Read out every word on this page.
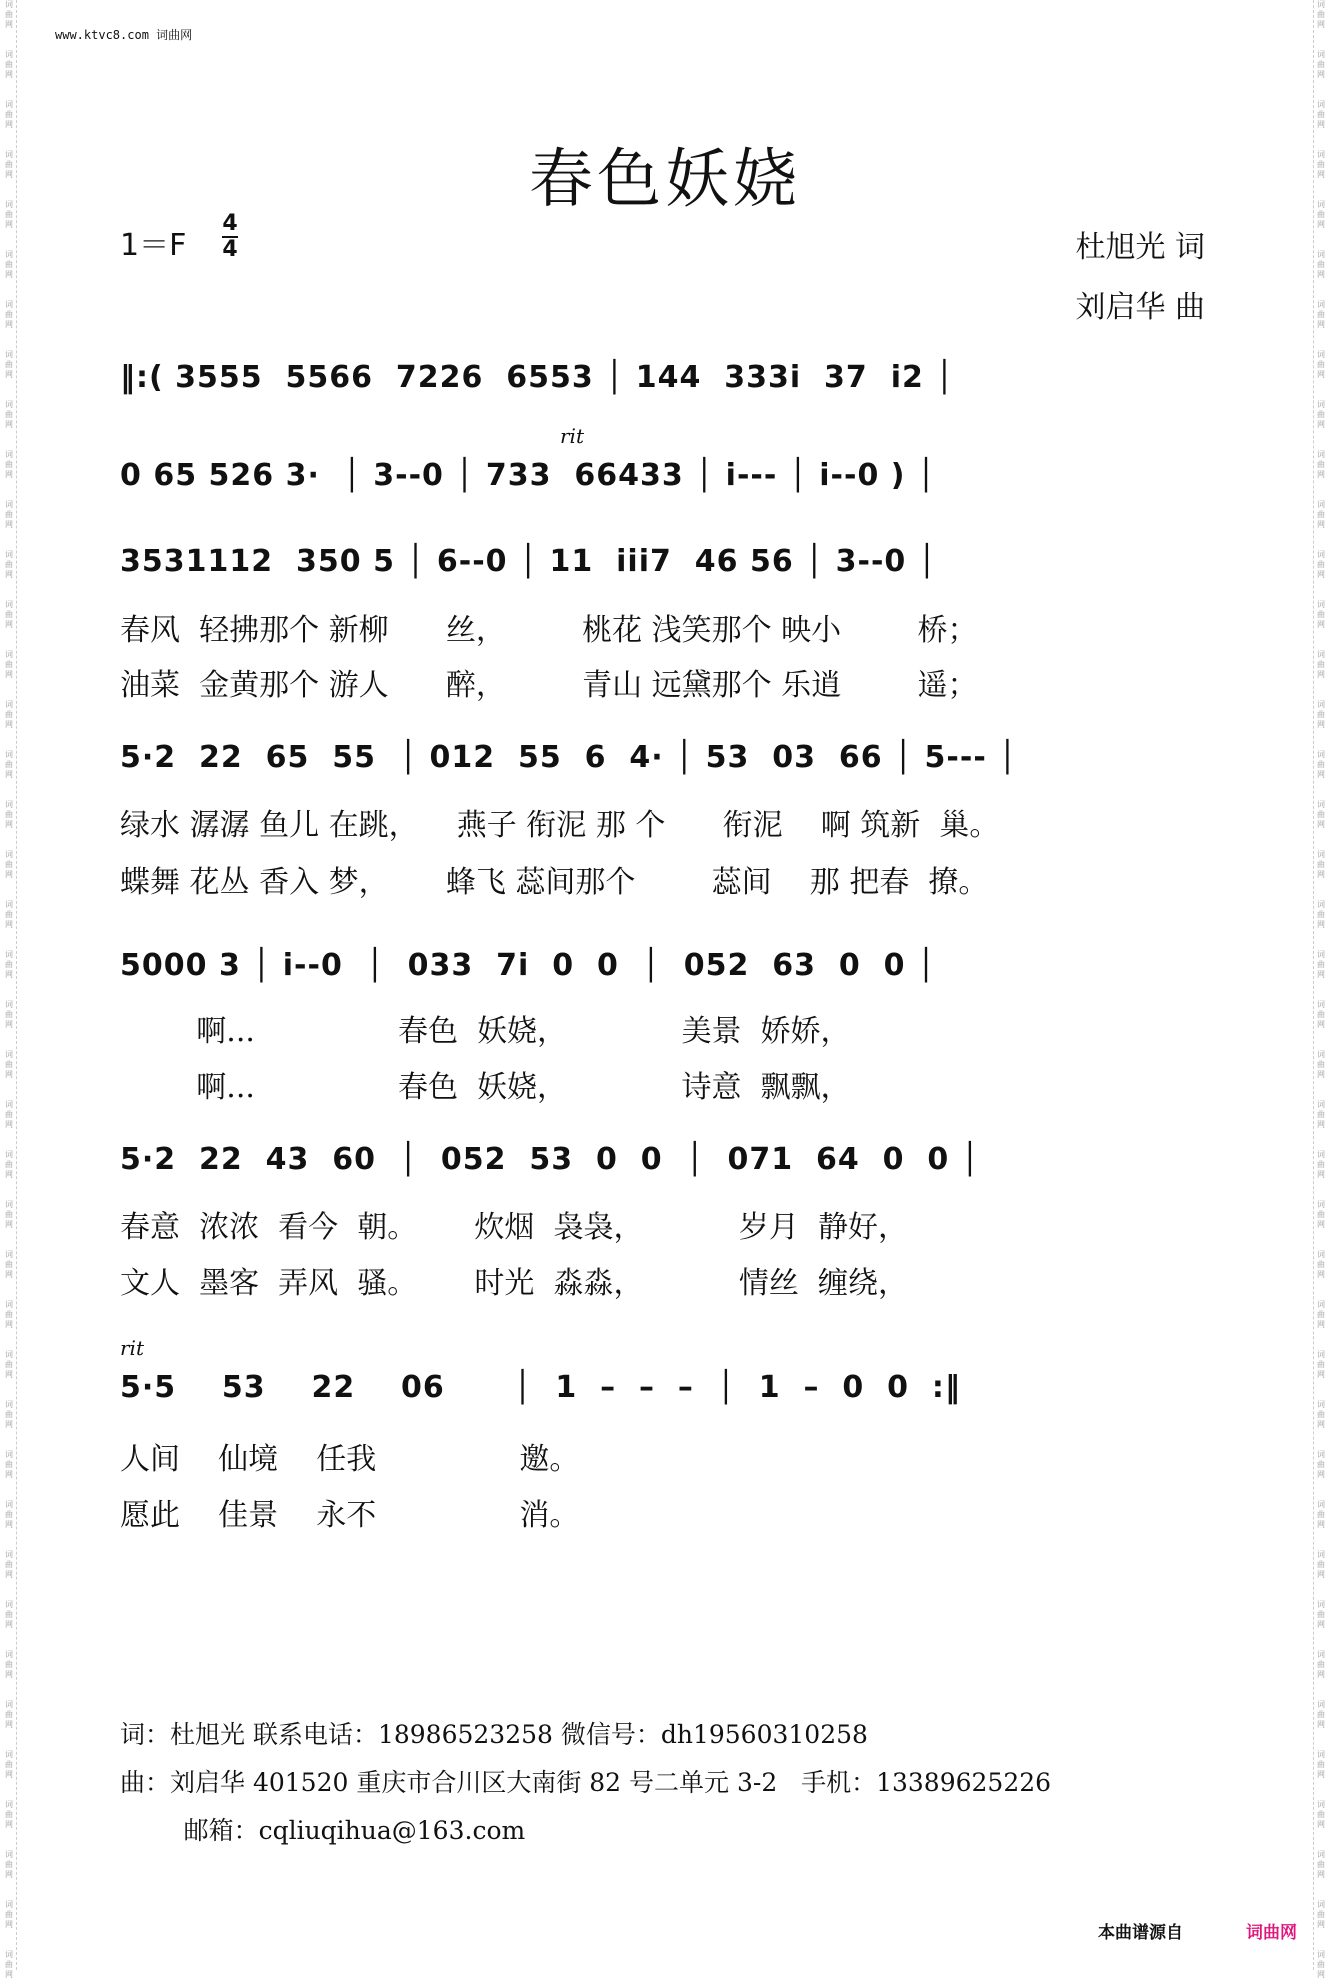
词
曲
网

词
曲
网

词
曲
网

词
曲
网

词
曲
网

词
曲
网

词
曲
网

词
曲
网

词
曲
网

词
曲
网

词
曲
网

词
曲
网

词
曲
网

词
曲
网

词
曲
网

词
曲
网

词
曲
网

词
曲
网

词
曲
网

词
曲
网

词
曲
网

词
曲
网

词
曲
网

词
曲
网

词
曲
网

词
曲
网

词
曲
网

词
曲
网

词
曲
网

词
曲
网

词
曲
网

词
曲
网

词
曲
网

词
曲
网

词
曲
网

词
曲
网

词
曲
网

词
曲
网

词
曲
网

词
曲
网

词
曲
网

词
曲
网

词
曲
网

词
曲
网

词
曲
网

词
曲
网

词
曲
网

词
曲
网

词
曲
网

词
曲
网

词
曲
网

词
曲
网

词
曲
网

词
曲
网

词
曲
网

词
曲
网

词
曲
网

词
曲
网

词
曲
网

词
曲
网

词
曲
网

词
曲
网

词
曲
网

词
曲
网

词
曲
网

词
曲
网

词
曲
网

词
曲
网

词
曲
网

词
曲
网

词
曲
网

词
曲
网

词
曲
网

词
曲
网

词
曲
网

词
曲
网

词
曲
网

词
曲
网

词
曲
网

词
曲
网

www.ktvc8.com 词曲网
春色妖娆
1＝F
4
4	杜旭光 词
刘启华 曲
‖:( 3555  5566  7226  6553 │ 144  333i  37  i2 │
rit
0 65 526 3·  │ 3--0 │ 733  66433 │ i--- │ i--0 ) │
3531112  350 5 │ 6--0 │ 11  iii7  46 56 │ 3--0 │
春风  轻拂那个 新柳      丝，        桃花 浅笑那个 映小        桥；
油菜  金黄那个 游人      醉，        青山 远黛那个 乐逍        遥；
5·2  22  65  55  │ 012  55  6  4· │ 53  03  66 │ 5--- │
绿水 潺潺 鱼儿 在跳，    燕子 衔泥 那 个      衔泥    啊 筑新  巢。
蝶舞 花丛 香入 梦，      蜂飞 蕊间那个        蕊间    那 把春  撩。
5000 3 │ i--0  │  033  7i  0  0  │  052  63  0  0 │
啊...               春色  妖娆，            美景  娇娇，
啊...               春色  妖娆，            诗意  飘飘，
5·2  22  43  60  │  052  53  0  0  │  071  64  0  0 │
春意  浓浓  看今  朝。      炊烟  袅袅，          岁月  静好，
文人  墨客  弄风  骚。      时光  淼淼，          情丝  缠绕，
rit
5·5    53    22    06      │  1  –  –  –  │  1  –  0  0  :‖
人间    仙境    任我               邀。
愿此    佳景    永不               消。
词：杜旭光 联系电话：18986523258 微信号：dh19560310258
曲：刘启华 401520 重庆市合川区大南街 82 号二单元 3-2   手机：13389625226
邮箱：cqliuqihua@163.com
本曲谱源自	词曲网
